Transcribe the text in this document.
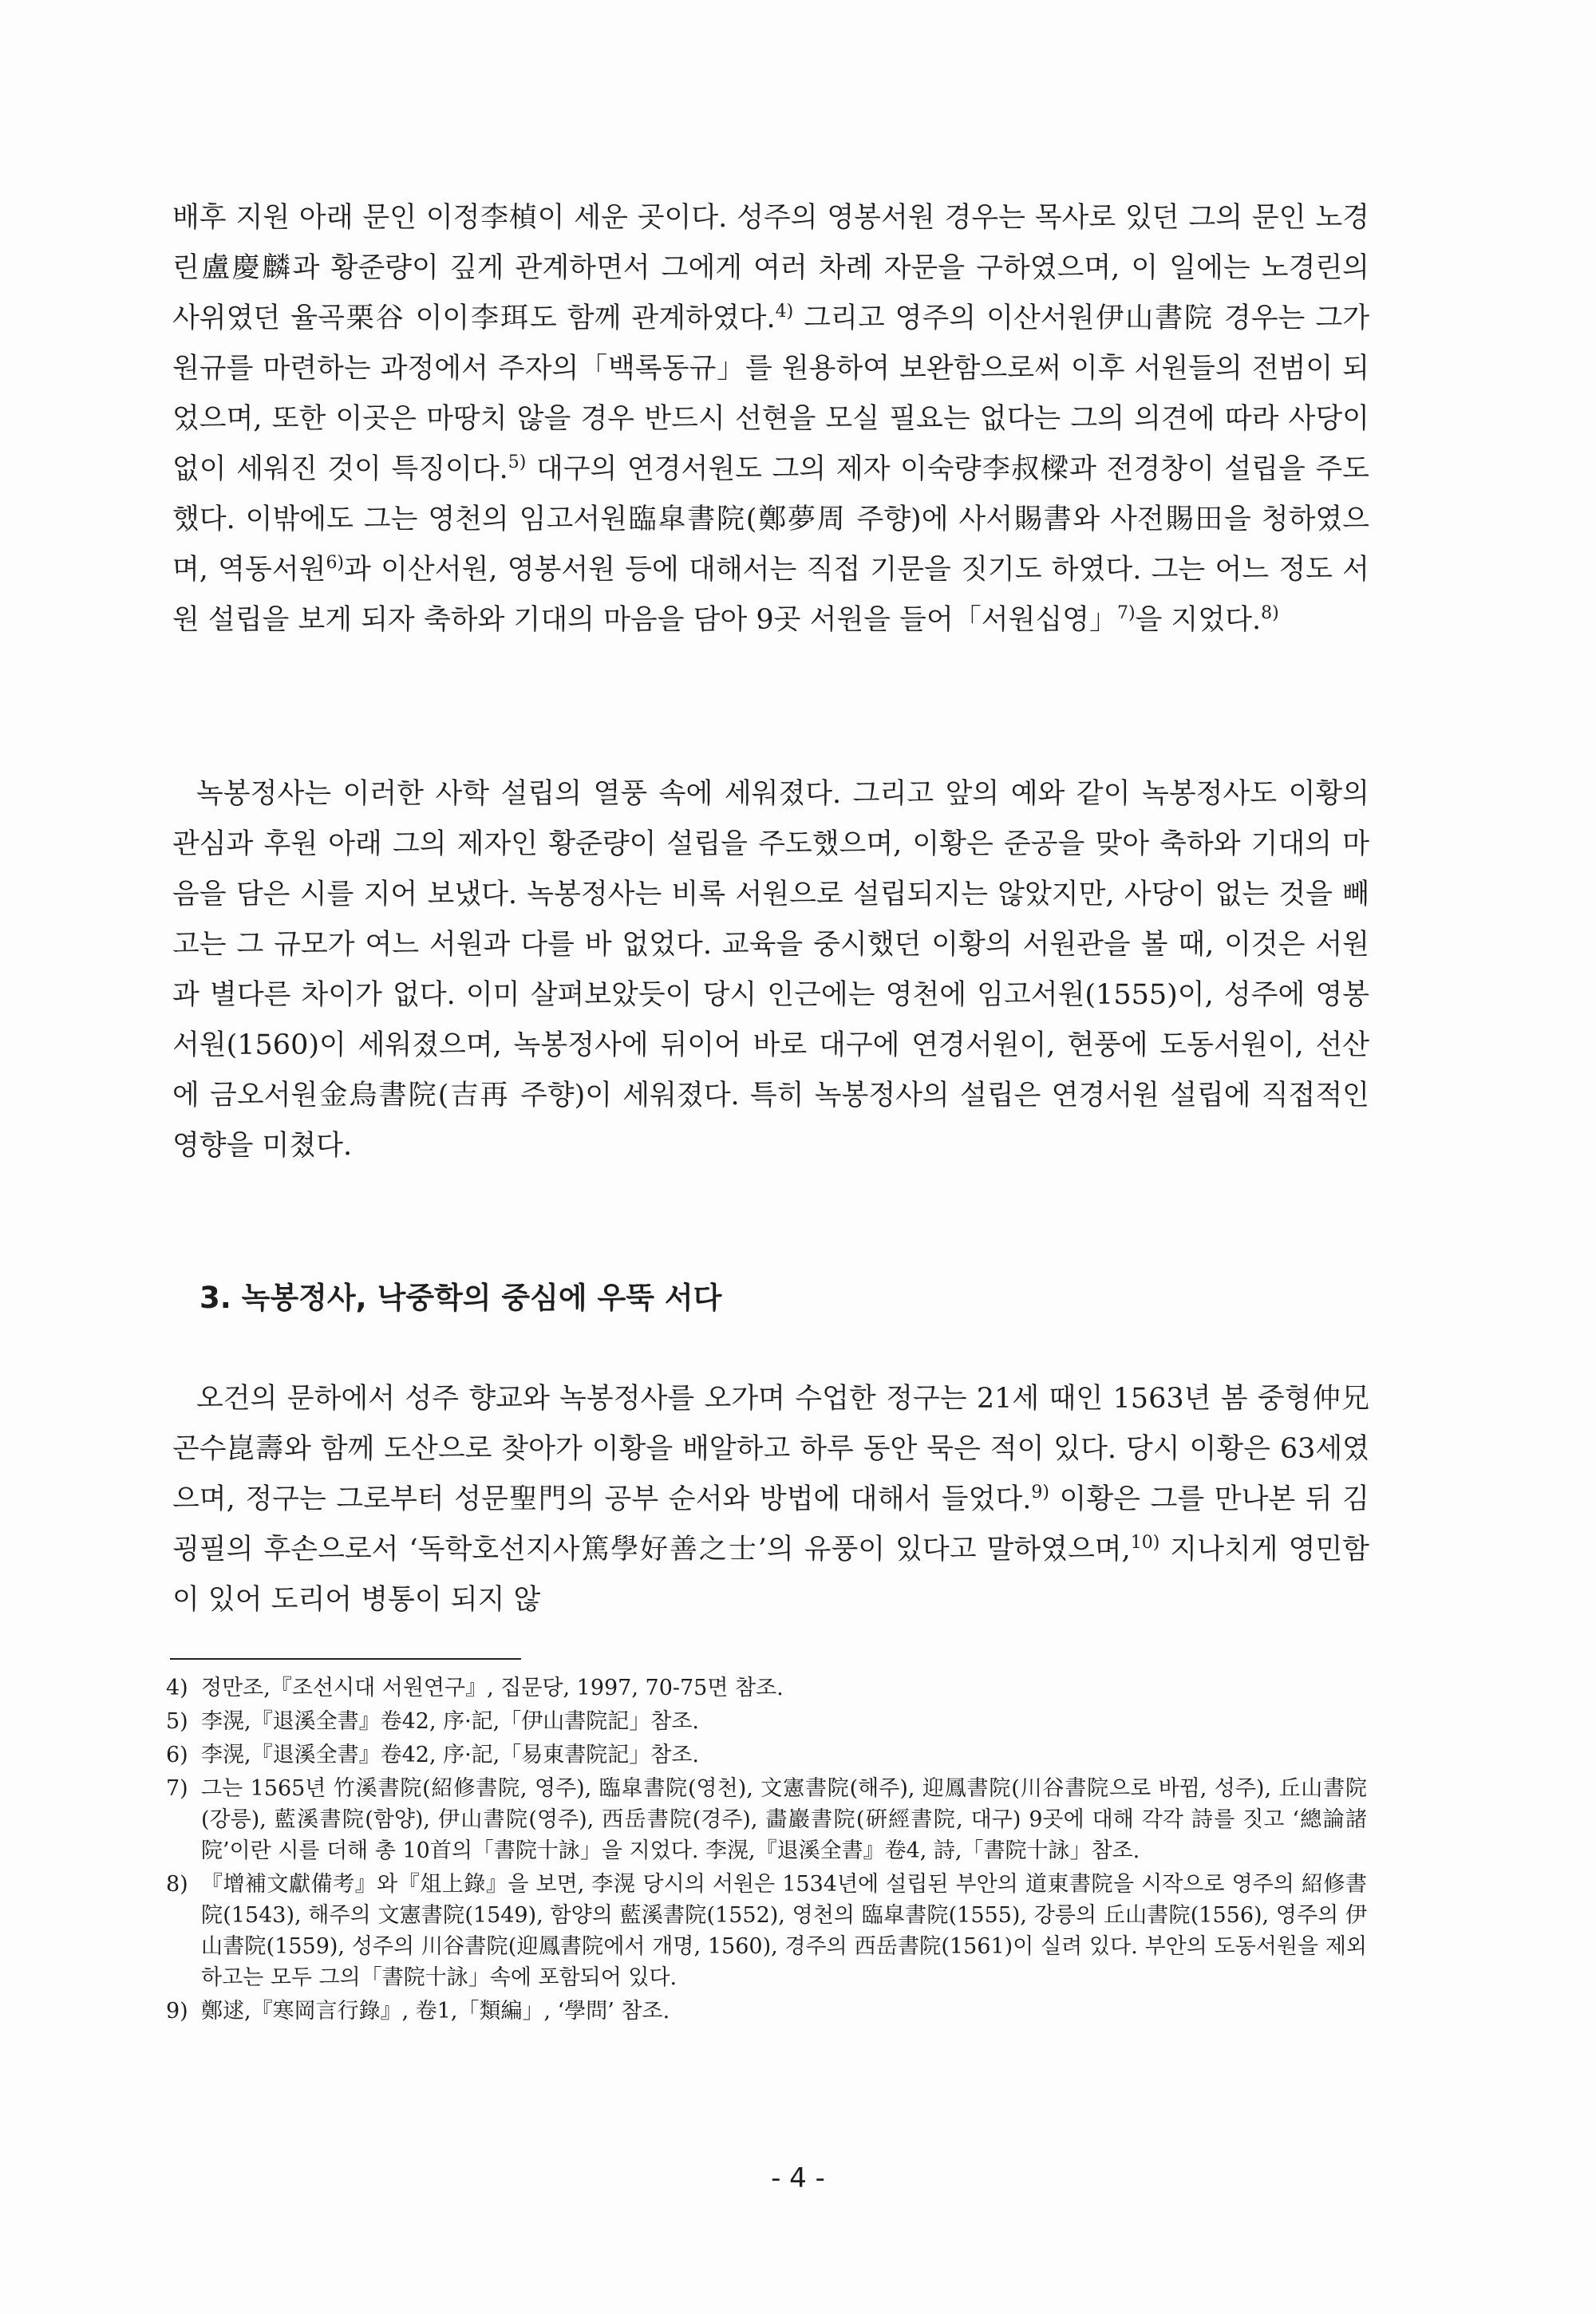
배후 지원 아래 문인 이정李楨이 세운 곳이다. 성주의 영봉서원 경우는 목사로 있던 그의 문인 노경린盧慶麟과 황준량이 깊게 관계하면서 그에게 여러 차례 자문을 구하였으며, 이 일에는 노경린의 사위였던 율곡栗谷 이이李珥도 함께 관계하였다.$^{4)}$ 그리고 영주의 이산서원伊山書院 경우는 그가 원규를 마련하는 과정에서 주자의「백록동규」를 원용하여 보완함으로써 이후 서원들의 전범이 되었으며, 또한 이곳은 마땅치 않을 경우 반드시 선현을 모실 필요는 없다는 그의 의견에 따라 사당이 없이 세워진 것이 특징이다.$^{5)}$ 대구의 연경서원도 그의 제자 이숙량李叔樑과 전경창이 설립을 주도했다. 이밖에도 그는 영천의 임고서원臨皐書院(鄭夢周 주향)에 사서賜書와 사전賜田을 청하였으며, 역동서원$^{6)}$과 이산서원, 영봉서원 등에 대해서는 직접 기문을 짓기도 하였다. 그는 어느 정도 서원 설립을 보게 되자 축하와 기대의 마음을 담아 9곳 서원을 들어「서원십영」$^{7)}$을 지었다.$^{8)}$

녹봉정사는 이러한 사학 설립의 열풍 속에 세워졌다. 그리고 앞의 예와 같이 녹봉정사도 이황의 관심과 후원 아래 그의 제자인 황준량이 설립을 주도했으며, 이황은 준공을 맞아 축하와 기대의 마음을 담은 시를 지어 보냈다. 녹봉정사는 비록 서원으로 설립되지는 않았지만, 사당이 없는 것을 빼고는 그 규모가 여느 서원과 다를 바 없었다. 교육을 중시했던 이황의 서원관을 볼 때, 이것은 서원과 별다른 차이가 없다. 이미 살펴보았듯이 당시 인근에는 영천에 임고서원(1555)이, 성주에 영봉서원(1560)이 세워졌으며, 녹봉정사에 뒤이어 바로 대구에 연경서원이, 현풍에 도동서원이, 선산에 금오서원金烏書院(吉再 주향)이 세워졌다. 특히 녹봉정사의 설립은 연경서원 설립에 직접적인 영향을 미쳤다.

3. 녹봉정사, 낙중학의 중심에 우뚝 서다

오건의 문하에서 성주 향교와 녹봉정사를 오가며 수업한 정구는 21세 때인 1563년 봄 중형仲兄 곤수崑壽와 함께 도산으로 찾아가 이황을 배알하고 하루 동안 묵은 적이 있다. 당시 이황은 63세였으며, 정구는 그로부터 성문聖門의 공부 순서와 방법에 대해서 들었다.$^{9)}$ 이황은 그를 만나본 뒤 김굉필의 후손으로서 ‘독학호선지사篤學好善之士’의 유풍이 있다고 말하였으며,$^{10)}$ 지나치게 영민함이 있어 도리어 병통이 되지 않

4) 정만조,『조선시대 서원연구』, 집문당, 1997, 70-75면 참조.
5) 李滉,『退溪全書』卷42, 序·記,「伊山書院記」참조.
6) 李滉,『退溪全書』卷42, 序·記,「易東書院記」참조.
7) 그는 1565년 竹溪書院(紹修書院, 영주), 臨皐書院(영천), 文憲書院(해주), 迎鳳書院(川谷書院으로 바뀜, 성주), 丘山書院(강릉), 藍溪書院(함양), 伊山書院(영주), 西岳書院(경주), 畵巖書院(硏經書院, 대구) 9곳에 대해 각각 詩를 짓고 ‘總論諸院’이란 시를 더해 총 10首의「書院十詠」을 지었다. 李滉,『退溪全書』卷4, 詩,「書院十詠」참조.
8) 『增補文獻備考』와『俎上錄』을 보면, 李滉 당시의 서원은 1534년에 설립된 부안의 道東書院을 시작으로 영주의 紹修書院(1543), 해주의 文憲書院(1549), 함양의 藍溪書院(1552), 영천의 臨皐書院(1555), 강릉의 丘山書院(1556), 영주의 伊山書院(1559), 성주의 川谷書院(迎鳳書院에서 개명, 1560), 경주의 西岳書院(1561)이 실려 있다. 부안의 도동서원을 제외하고는 모두 그의「書院十詠」속에 포함되어 있다.
9) 鄭逑,『寒岡言行錄』, 卷1,「類編」, ‘學問’ 참조.
- 4 -
